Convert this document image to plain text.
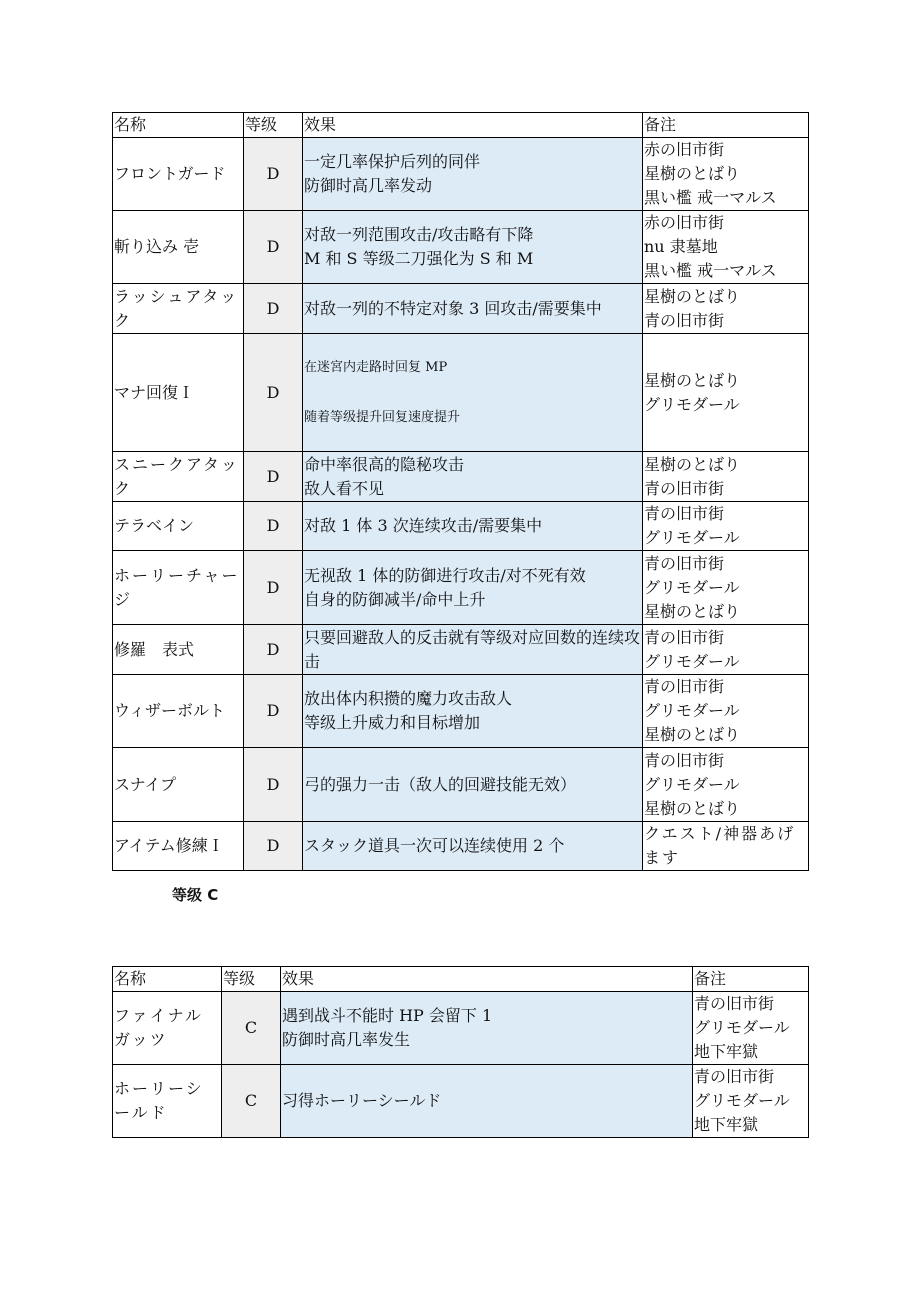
名称	等级	效果	备注

フロントガード	D	一定几率保护后列的同伴
防御时高几率发动	赤の旧市街
星樹のとばり
黒い檻 戒一マルス

斬り込み 壱	D	对敌一列范围攻击/攻击略有下降
M 和 S 等级二刀强化为 S 和 M	赤の旧市街
nu 隶墓地
黒い檻 戒一マルス

ラッシュアタック	D	对敌一列的不特定对象 3 回攻击/需要集中	星樹のとばり
青の旧市街

マナ回復Ｉ	D	在迷宮内走路时回复 MP
随着等级提升回复速度提升	星樹のとばり
グリモダール

スニークアタック	D	命中率很高的隐秘攻击
敌人看不见	星樹のとばり
青の旧市街

テラベイン	D	对敌 1 体 3 次连续攻击/需要集中	青の旧市街
グリモダール

ホーリーチャージ	D	无视敌 1 体的防御进行攻击/对不死有效
自身的防御减半/命中上升	青の旧市街
グリモダール
星樹のとばり

修羅　表式	D	只要回避敌人的反击就有等级对应回数的连续攻击	青の旧市街
グリモダール

ウィザーボルト	D	放出体内积攒的魔力攻击敌人
等级上升威力和目标增加	青の旧市街
グリモダール
星樹のとばり

スナイプ	D	弓的强力一击（敌人的回避技能无效）	青の旧市街
グリモダール
星樹のとばり

アイテム修練Ｉ	D	スタック道具一次可以连续使用 2 个	クエスト/神器あげます
等级 C
名称	等级	效果	备注

ファイナルガッツ	C	遇到战斗不能时 HP 会留下 1
防御时高几率发生	青の旧市街
グリモダール
地下牢獄

ホーリーシールド	C	习得ホーリーシールド	青の旧市街
グリモダール
地下牢獄
